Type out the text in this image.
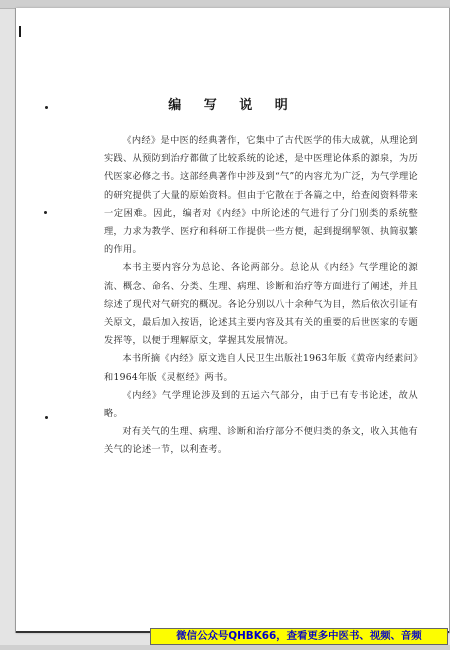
编 写 说 明

《内经》是中医的经典著作，它集中了古代医学的伟大成就，从理论到实践、从预防到治疗都做了比较系统的论述，是中医理论体系的源泉，为历代医家必修之书。这部经典著作中涉及到“气”的内容尤为广泛，为气学理论的研究提供了大量的原始资料。但由于它散在于各篇之中，给查阅资料带来一定困难。因此，编者对《内经》中所论述的气进行了分门别类的系统整理，力求为教学、医疗和科研工作提供一些方便，起到提纲挈领、执简驭繁的作用。

本书主要内容分为总论、各论两部分。总论从《内经》气学理论的源流、概念、命名、分类、生理、病理、诊断和治疗等方面进行了阐述，并且综述了现代对气研究的概况。各论分别以八十余种气为目，然后依次引证有关原文，最后加入按语，论述其主要内容及其有关的重要的后世医家的专题发挥等，以便于理解原文，掌握其发展情况。

本书所摘《内经》原文选自人民卫生出版社1963年版《黄帝内经素问》和1964年版《灵枢经》两书。

《内经》气学理论涉及到的五运六气部分，由于已有专书论述，故从略。

对有关气的生理、病理、诊断和治疗部分不便归类的条文，收入其他有关气的论述一节，以利查考。

微信公众号QHBK66，查看更多中医书、视频、音频
